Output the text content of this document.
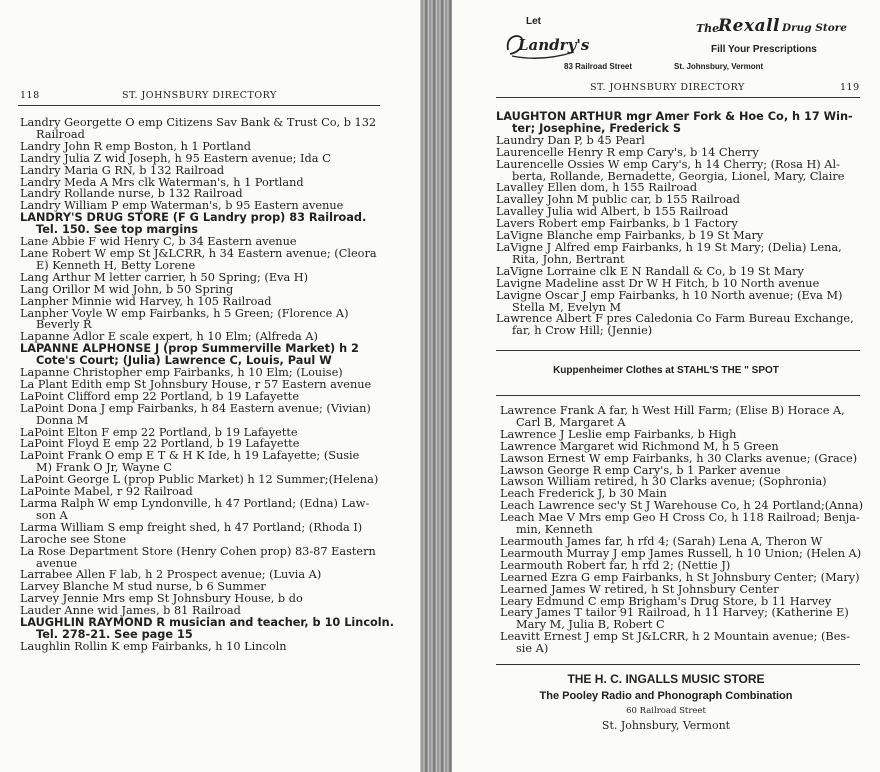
118	ST. JOHNSBURY DIRECTORY
Landry Georgette O emp Citizens Sav Bank & Trust Co, b 132
Railroad
Landry John R emp Boston, h 1 Portland
Landry Julia Z wid Joseph, h 95 Eastern avenue; Ida C
Landry Maria G RN, b 132 Railroad
Landry Meda A Mrs clk Waterman's, h 1 Portland
Landry Rollande nurse, b 132 Railroad
Landry William P emp Waterman's, b 95 Eastern avenue
LANDRY'S DRUG STORE (F G Landry prop) 83 Railroad.
Tel. 150. See top margins
Lane Abbie F wid Henry C, b 34 Eastern avenue
Lane Robert W emp St J&LCRR, h 34 Eastern avenue; (Cleora
E) Kenneth H, Betty Lorene
Lang Arthur M letter carrier, h 50 Spring; (Eva H)
Lang Orillor M wid John, b 50 Spring
Lanpher Minnie wid Harvey, h 105 Railroad
Lanpher Voyle W emp Fairbanks, h 5 Green; (Florence A)
Beverly R
Lapanne Adlor E scale expert, h 10 Elm; (Alfreda A)
LAPANNE ALPHONSE J (prop Summerville Market) h 2
Cote's Court; (Julia) Lawrence C, Louis, Paul W
Lapanne Christopher emp Fairbanks, h 10 Elm; (Louise)
La Plant Edith emp St Johnsbury House, r 57 Eastern avenue
LaPoint Clifford emp 22 Portland, b 19 Lafayette
LaPoint Dona J emp Fairbanks, h 84 Eastern avenue; (Vivian)
Donna M
LaPoint Elton F emp 22 Portland, b 19 Lafayette
LaPoint Floyd E emp 22 Portland, b 19 Lafayette
LaPoint Frank O emp E T & H K Ide, h 19 Lafayette; (Susie
M) Frank O Jr, Wayne C
LaPoint George L (prop Public Market) h 12 Summer;(Helena)
LaPointe Mabel, r 92 Railroad
Larma Ralph W emp Lyndonville, h 47 Portland; (Edna) Law-
son A
Larma William S emp freight shed, h 47 Portland; (Rhoda I)
Laroche see Stone
La Rose Department Store (Henry Cohen prop) 83-87 Eastern
avenue
Larrabee Allen F lab, h 2 Prospect avenue; (Luvia A)
Larvey Blanche M stud nurse, b 6 Summer
Larvey Jennie Mrs emp St Johnsbury House, b do
Lauder Anne wid James, b 81 Railroad
LAUGHLIN RAYMOND R musician and teacher, b 10 Lincoln.
Tel. 278-21. See page 15
Laughlin Rollin K emp Fairbanks, h 10 Lincoln
Let
Landry's
83 Railroad Street	St. Johnsbury, Vermont
The
Rexall Drug Store
Fill Your Prescriptions
ST. JOHNSBURY DIRECTORY	119
LAUGHTON ARTHUR mgr Amer Fork & Hoe Co, h 17 Win-
ter; Josephine, Frederick S
Laundry Dan P, b 45 Pearl
Laurencelle Henry R emp Cary's, b 14 Cherry
Laurencelle Ossies W emp Cary's, h 14 Cherry; (Rosa H) Al-
berta, Rollande, Bernadette, Georgia, Lionel, Mary, Claire
Lavalley Ellen dom, h 155 Railroad
Lavalley John M public car, b 155 Railroad
Lavalley Julia wid Albert, b 155 Railroad
Lavers Robert emp Fairbanks, b 1 Factory
LaVigne Blanche emp Fairbanks, b 19 St Mary
LaVigne J Alfred emp Fairbanks, h 19 St Mary; (Delia) Lena,
Rita, John, Bertrant
LaVigne Lorraine clk E N Randall & Co, b 19 St Mary
Lavigne Madeline asst Dr W H Fitch, b 10 North avenue
Lavigne Oscar J emp Fairbanks, h 10 North avenue; (Eva M)
Stella M, Evelyn M
Lawrence Albert F pres Caledonia Co Farm Bureau Exchange,
far, h Crow Hill; (Jennie)
Kuppenheimer Clothes at STAHL'S THE " SPOT
Lawrence Frank A far, h West Hill Farm; (Elise B) Horace A,
Carl B, Margaret A
Lawrence J Leslie emp Fairbanks, b High
Lawrence Margaret wid Richmond M, h 5 Green
Lawson Ernest W emp Fairbanks, h 30 Clarks avenue; (Grace)
Lawson George R emp Cary's, b 1 Parker avenue
Lawson William retired, h 30 Clarks avenue; (Sophronia)
Leach Frederick J, b 30 Main
Leach Lawrence sec'y St J Warehouse Co, h 24 Portland;(Anna)
Leach Mae V Mrs emp Geo H Cross Co, h 118 Railroad; Benja-
min, Kenneth
Learmouth James far, h rfd 4; (Sarah) Lena A, Theron W
Learmouth Murray J emp James Russell, h 10 Union; (Helen A)
Learmouth Robert far, h rfd 2; (Nettie J)
Learned Ezra G emp Fairbanks, h St Johnsbury Center; (Mary)
Learned James W retired, h St Johnsbury Center
Leary Edmund C emp Brigham's Drug Store, b 11 Harvey
Leary James T tailor 91 Railroad, h 11 Harvey; (Katherine E)
Mary M, Julia B, Robert C
Leavitt Ernest J emp St J&LCRR, h 2 Mountain avenue; (Bes-
sie A)
THE H. C. INGALLS MUSIC STORE
The Pooley Radio and Phonograph Combination
60 Railroad Street
St. Johnsbury, Vermont
